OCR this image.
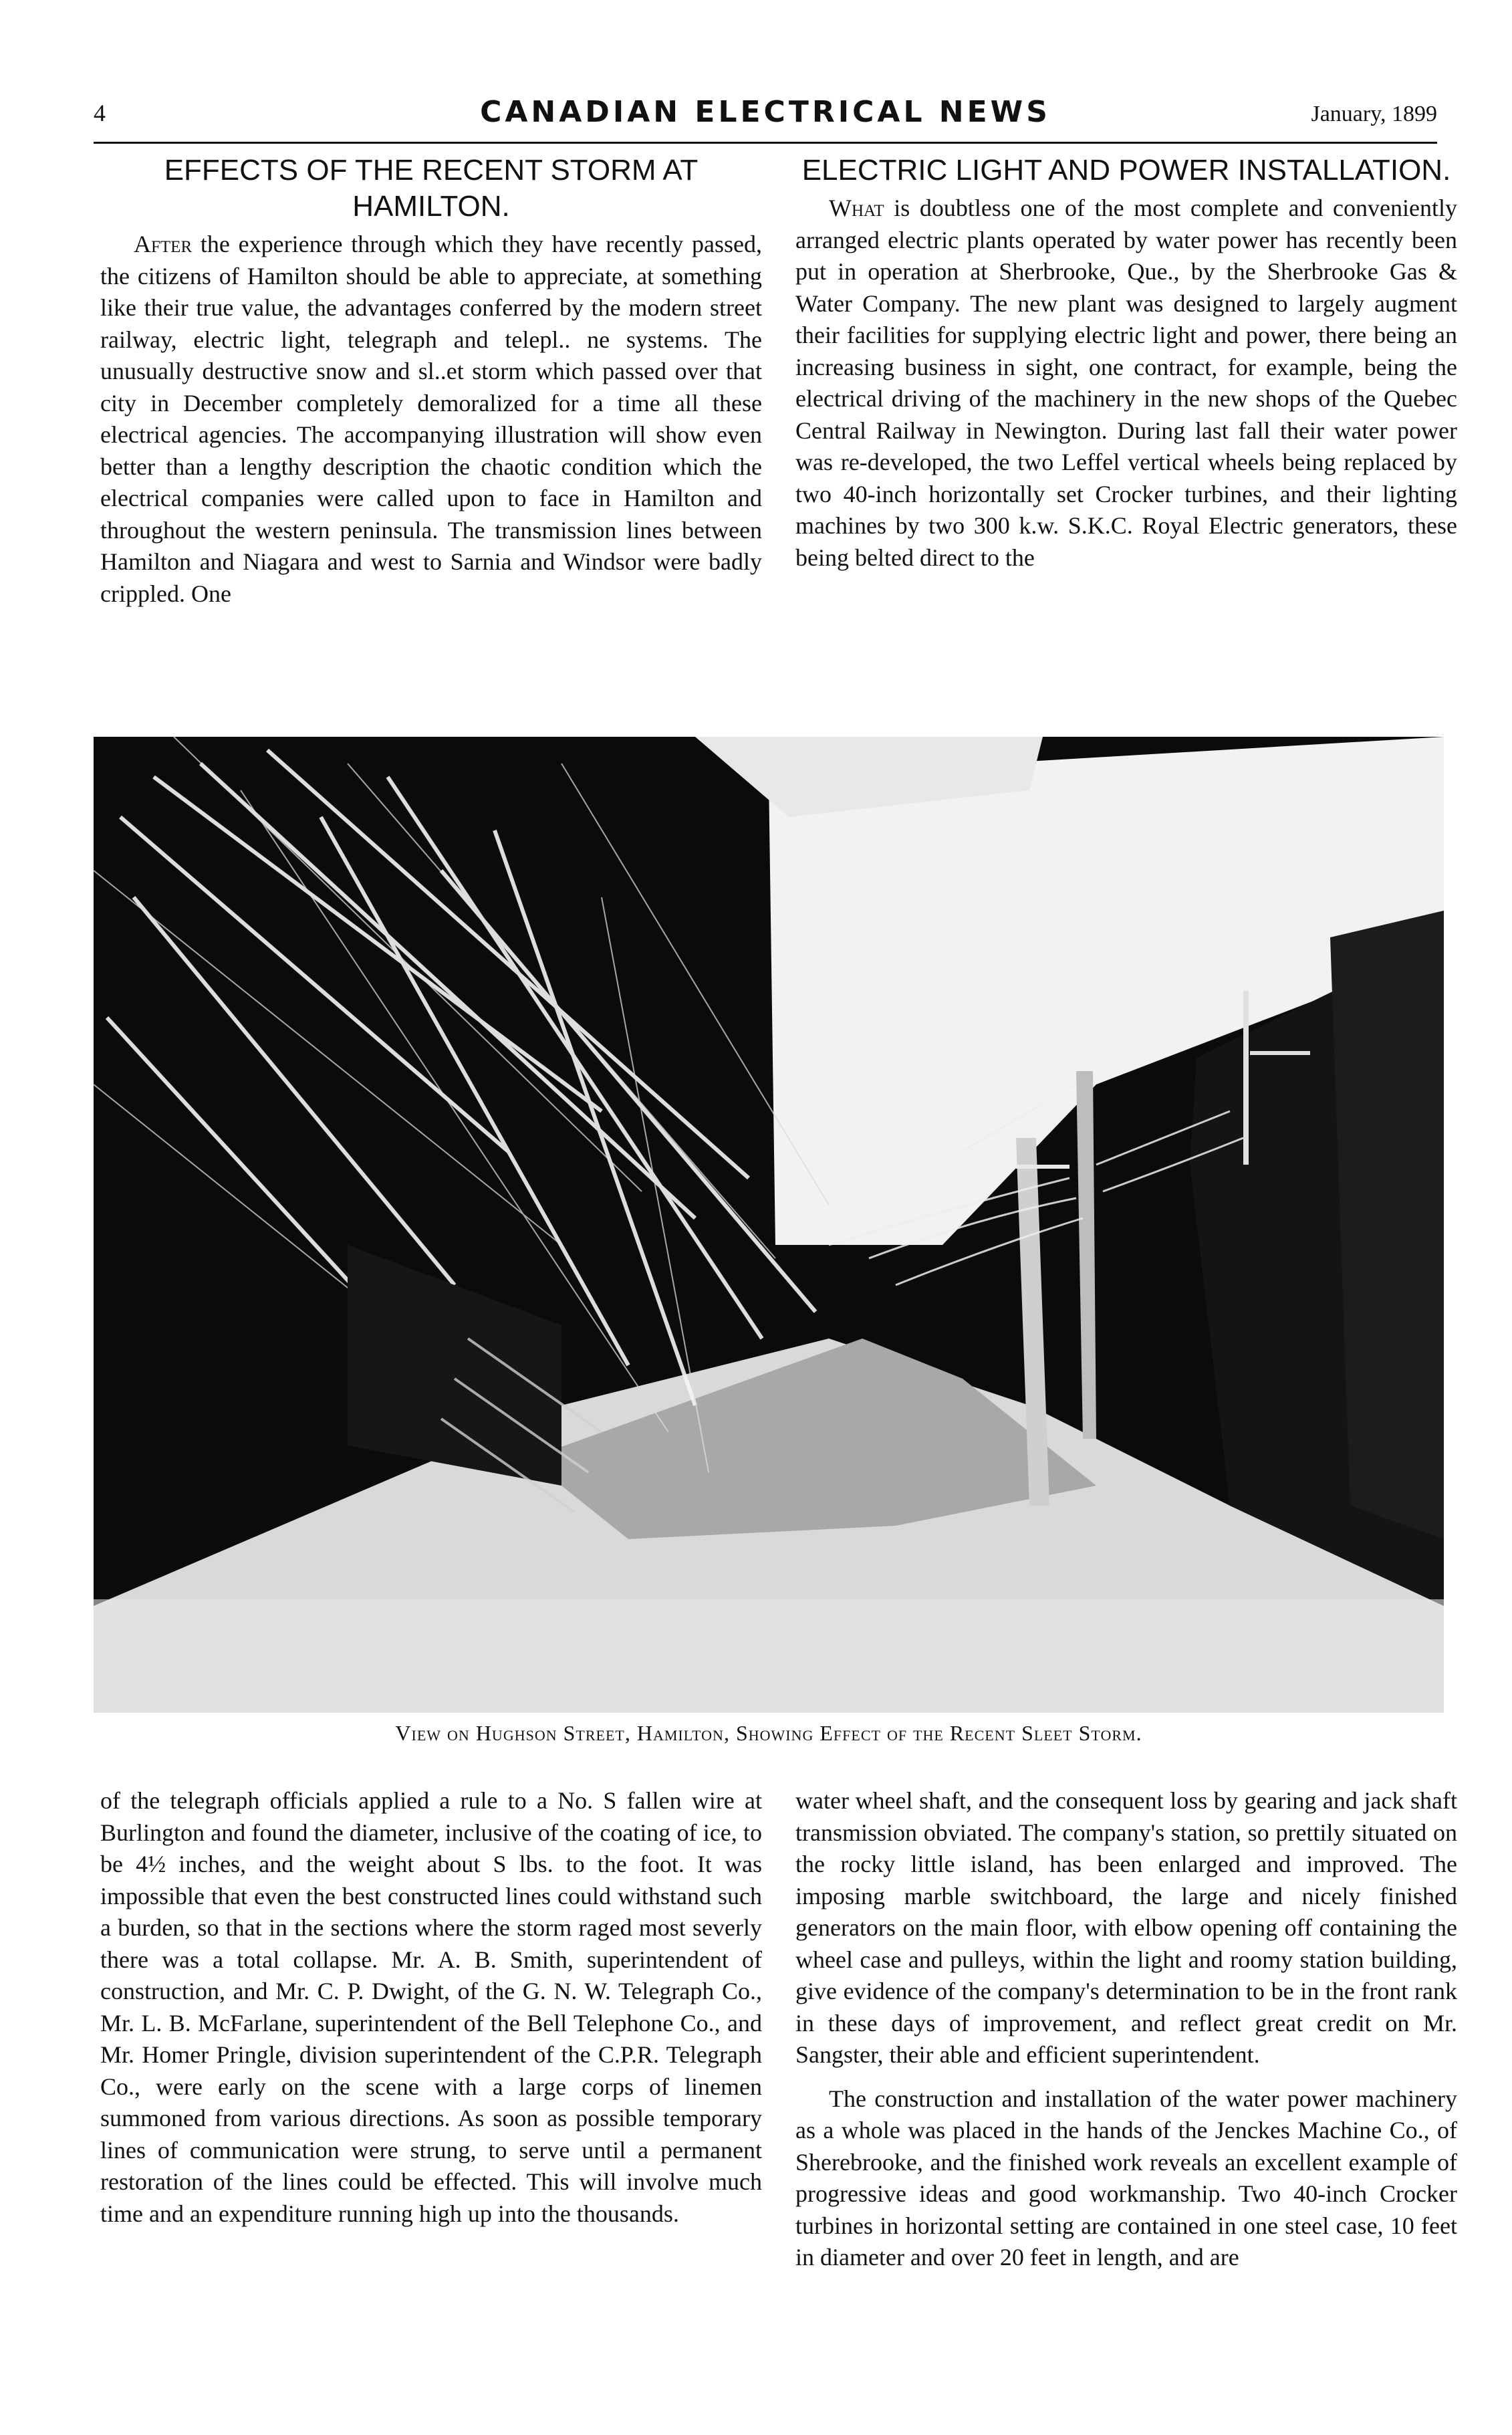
4	CANADIAN ELECTRICAL NEWS	January, 1899
EFFECTS OF THE RECENT STORM AT HAMILTON.

After the experience through which they have recently passed, the citizens of Hamilton should be able to appreciate, at something like their true value, the advantages conferred by the modern street railway, electric light, telegraph and telepl.. ne systems. The unusually destructive snow and sl..et storm which passed over that city in December completely demoralized for a time all these electrical agencies. The accompanying illustration will show even better than a lengthy description the chaotic condition which the electrical companies were called upon to face in Hamilton and throughout the western peninsula. The transmission lines between Hamilton and Niagara and west to Sarnia and Windsor were badly crippled. One

ELECTRIC LIGHT AND POWER INSTALLATION.

What is doubtless one of the most complete and conveniently arranged electric plants operated by water power has recently been put in operation at Sherbrooke, Que., by the Sherbrooke Gas & Water Company. The new plant was designed to largely augment their facilities for supplying electric light and power, there being an increasing business in sight, one contract, for example, being the electrical driving of the machinery in the new shops of the Quebec Central Railway in Newington. During last fall their water power was re-developed, the two Leffel vertical wheels being replaced by two 40-inch horizontally set Crocker turbines, and their lighting machines by two 300 k.w. S.K.C. Royal Electric generators, these being belted direct to the

View on Hughson Street, Hamilton, Showing Effect of the Recent Sleet Storm.

of the telegraph officials applied a rule to a No. S fallen wire at Burlington and found the diameter, inclusive of the coating of ice, to be 4½ inches, and the weight about S lbs. to the foot. It was impossible that even the best constructed lines could withstand such a burden, so that in the sections where the storm raged most severly there was a total collapse. Mr. A. B. Smith, superintendent of construction, and Mr. C. P. Dwight, of the G. N. W. Telegraph Co., Mr. L. B. McFarlane, superintendent of the Bell Telephone Co., and Mr. Homer Pringle, division superintendent of the C.P.R. Telegraph Co., were early on the scene with a large corps of linemen summoned from various directions. As soon as possible temporary lines of communication were strung, to serve until a permanent restoration of the lines could be effected. This will involve much time and an expenditure running high up into the thousands.

water wheel shaft, and the consequent loss by gearing and jack shaft transmission obviated. The company's station, so prettily situated on the rocky little island, has been enlarged and improved. The imposing marble switchboard, the large and nicely finished generators on the main floor, with elbow opening off containing the wheel case and pulleys, within the light and roomy station building, give evidence of the company's determination to be in the front rank in these days of improvement, and reflect great credit on Mr. Sangster, their able and efficient superintendent.

The construction and installation of the water power machinery as a whole was placed in the hands of the Jenckes Machine Co., of Sherebrooke, and the finished work reveals an excellent example of progressive ideas and good workmanship. Two 40-inch Crocker turbines in horizontal setting are contained in one steel case, 10 feet in diameter and over 20 feet in length, and are
